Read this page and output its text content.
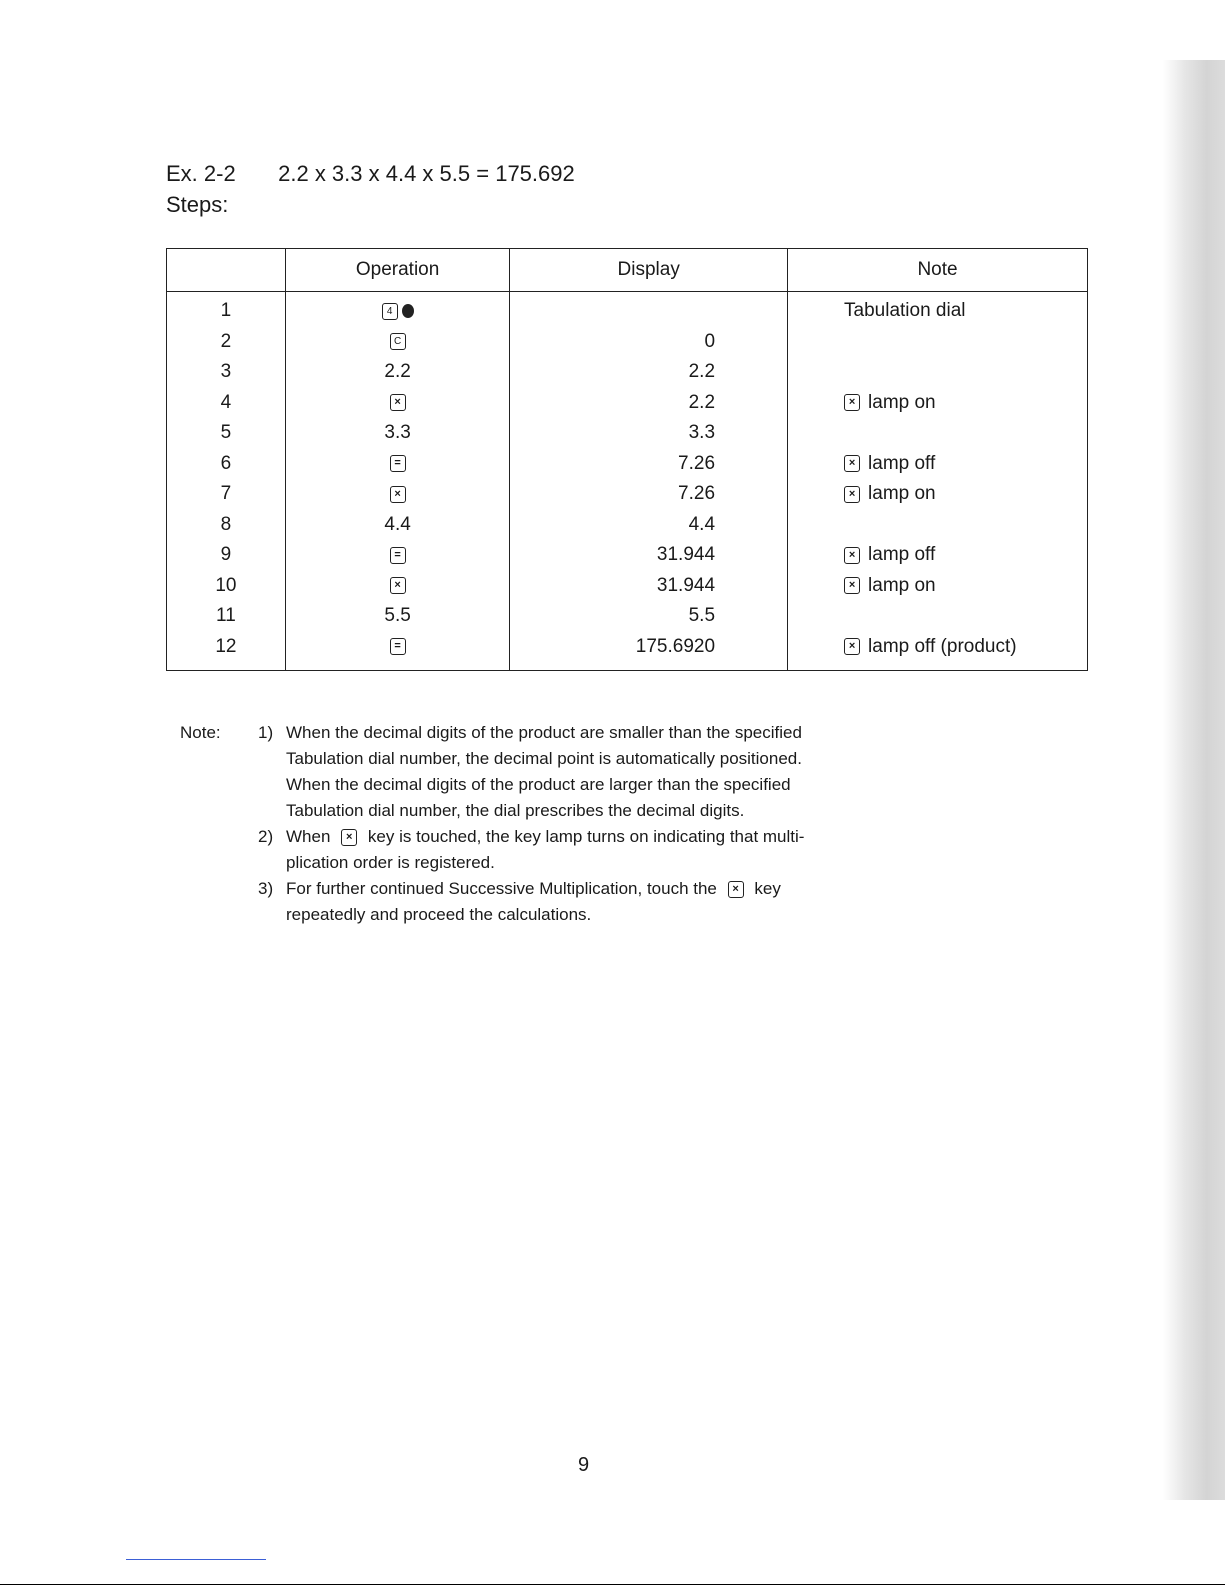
Ex. 2-2 2.2 x 3.3 x 4.4 x 5.5 = 175.692
Steps:
	Operation	Display	Note
1	4		Tabulation dial
2	C	0	
3	2.2	2.2	
4	×	2.2	× lamp on
5	3.3	3.3	
6	=	7.26	× lamp off
7	×	7.26	× lamp on
8	4.4	4.4	
9	=	31.944	× lamp off
10	×	31.944	× lamp on
11	5.5	5.5	
12	=	175.6920	× lamp off (product)
Note: 1) When the decimal digits of the product are smaller than the specified
Tabulation dial number, the decimal point is automatically positioned.
When the decimal digits of the product are larger than the specified
Tabulation dial number, the dial prescribes the decimal digits.
2) When × key is touched, the key lamp turns on indicating that multi-
plication order is registered.
3) For further continued Successive Multiplication, touch the × key
repeatedly and proceed the calculations.
9
